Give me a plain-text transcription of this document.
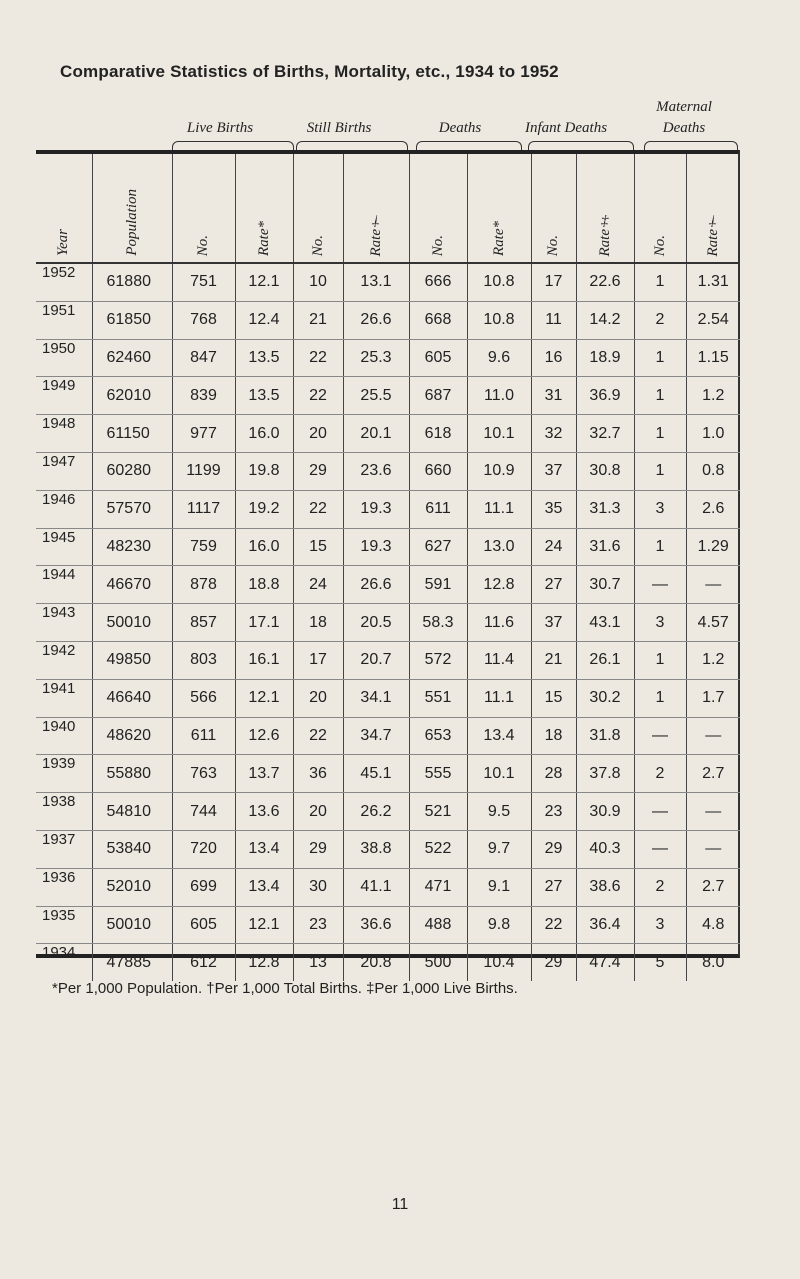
Comparative Statistics of Births, Mortality, etc., 1934 to 1952
Live Births	Still Births	Deaths	Infant Deaths
Maternal
Deaths
Year	Population	No.	Rate*	No.	Rate†	No.	Rate*	No.	Rate‡	No.	Rate†

1952	61880	751	12.1	10	13.1	666	10.8	17	22.6	1	1.31
1951	61850	768	12.4	21	26.6	668	10.8	11	14.2	2	2.54
1950	62460	847	13.5	22	25.3	605	9.6	16	18.9	1	1.15
1949	62010	839	13.5	22	25.5	687	11.0	31	36.9	1	1.2
1948	61150	977	16.0	20	20.1	618	10.1	32	32.7	1	1.0
1947	60280	1199	19.8	29	23.6	660	10.9	37	30.8	1	0.8
1946	57570	1117	19.2	22	19.3	611	11.1	35	31.3	3	2.6
1945	48230	759	16.0	15	19.3	627	13.0	24	31.6	1	1.29
1944	46670	878	18.8	24	26.6	591	12.8	27	30.7	—	—
1943	50010	857	17.1	18	20.5	58.3	11.6	37	43.1	3	4.57
1942	49850	803	16.1	17	20.7	572	11.4	21	26.1	1	1.2
1941	46640	566	12.1	20	34.1	551	11.1	15	30.2	1	1.7
1940	48620	611	12.6	22	34.7	653	13.4	18	31.8	—	—
1939	55880	763	13.7	36	45.1	555	10.1	28	37.8	2	2.7
1938	54810	744	13.6	20	26.2	521	9.5	23	30.9	—	—
1937	53840	720	13.4	29	38.8	522	9.7	29	40.3	—	—
1936	52010	699	13.4	30	41.1	471	9.1	27	38.6	2	2.7
1935	50010	605	12.1	23	36.6	488	9.8	22	36.4	3	4.8
1934	47885	612	12.8	13	20.8	500	10.4	29	47.4	5	8.0
*Per 1,000 Population. †Per 1,000 Total Births. ‡Per 1,000 Live Births.
11
